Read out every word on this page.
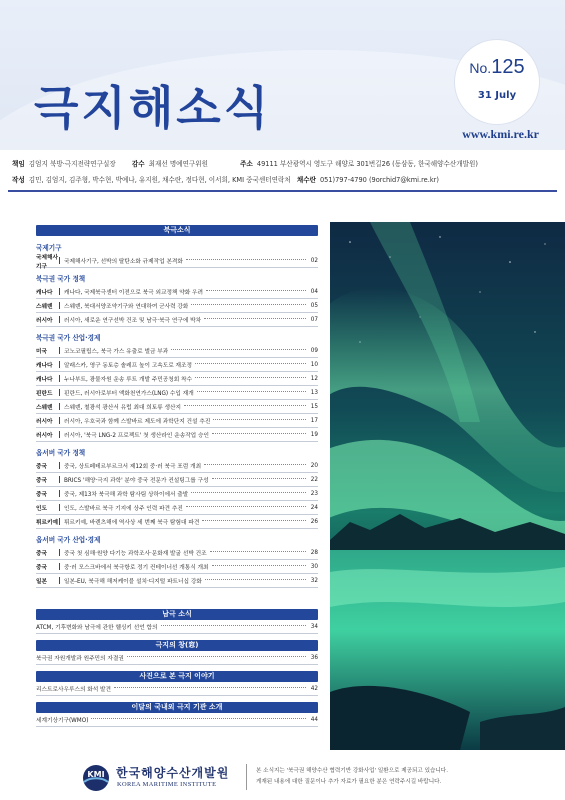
극지해소식
No.125
31 July
www.kmi.re.kr
책임 김엄지 북방·극지전략연구실장 감수 최재선 명예연구위원	주소 49111 부산광역시 영도구 해양로 301번길26 (동삼동, 한국해양수산개발원)
작성 김민, 김엄지, 김주형, 박수현, 박예나, 유지원, 채수란, 정다현, 이서희, KMI 중국센터연락처 채수란 051)797-4790 (9orchid7@kmi.re.kr)
북극소식
국제기구
국제해사기구
국제해사기구, 선박의 탈탄소화 규제작업 본격화	02
북극권 국가 정책
캐나다	캐나다, 국제북극센터 이전으로 북극 외교정책 약화 우려	04
스웨덴	스웨덴, 북대서양조약기구와 연대하여 군사력 강화	05
러시아	러시아, 새로운 연구선박 건조 및 남극·북극 연구에 박차	07
북극권 국가 산업·경제
미국	코노코필립스, 북극 가스 유출로 벌금 부과	09
캐나다	알래스카, 영구 동토층 솔레프 높이 고속도로 재조정	10
캐나다	누나부트, 광물자원 운송 루트 개발 주민공청회 착수	12
핀란드	핀란드, 러시아로부터 액화천연가스(LNG) 수입 재개	13
스웨덴	스웨덴, 철광석 광산서 유럽 최대 희토류 생산지	15
러시아	러시아, 우호국과 함께 스발바르 제도에 과학단지 건설 추진	17
러시아	러시아, '북극 LNG-2 프로젝트' 첫 생산라인 운송작업 승인	19
옵서버 국가 정책
중국	중국, 상트페테르부르크서 제12회 중·러 북극 포럼 개최	20
중국	BRICS '해양·극지 과학' 분야 중국 전문가 컨설팅그룹 구성	22
중국	중국, 제13차 북극해 과학 탐사팀 상하이에서 출발	23
인도	인도, 스발바르 북극 기지에 상주 인력 파견 추진	24
튀르키예 튀르키예, 바렌츠해에 역사상 세 번째 북극 탐험대 파견	26
옵서버 국가 산업·경제
중국	중국 첫 심해·원양 다기능 과학조사·문화재 발굴 선박 건조	28
중국	중·러 모스크바에서 북극항로 정기 컨테이너선 개통식 개최	30
일본	일본-EU, 북극해 해저케이블 설치·디지털 파트너십 강화	32
남극 소식
ATCM, 기후변화와 남극에 관한 헬싱키 선언 합의	34
극지의 창(窓)
북극권 자원개발과 원주민의 자결권	36
사진으로 본 극지 이야기
리스트로사우루스의 화석 발견	42
이달의 국내외 극지 기관 소개
세계기상기구(WMO)	44
KMI 한국해양수산개발원
KOREA MARITIME INSTITUTE
본 소식지는 '북극권 해양수산 협력기반 강화사업' 일환으로 제공되고 있습니다.
게재된 내용에 대한 질문이나 추가 자료가 필요한 분은 연락주시길 바랍니다.
